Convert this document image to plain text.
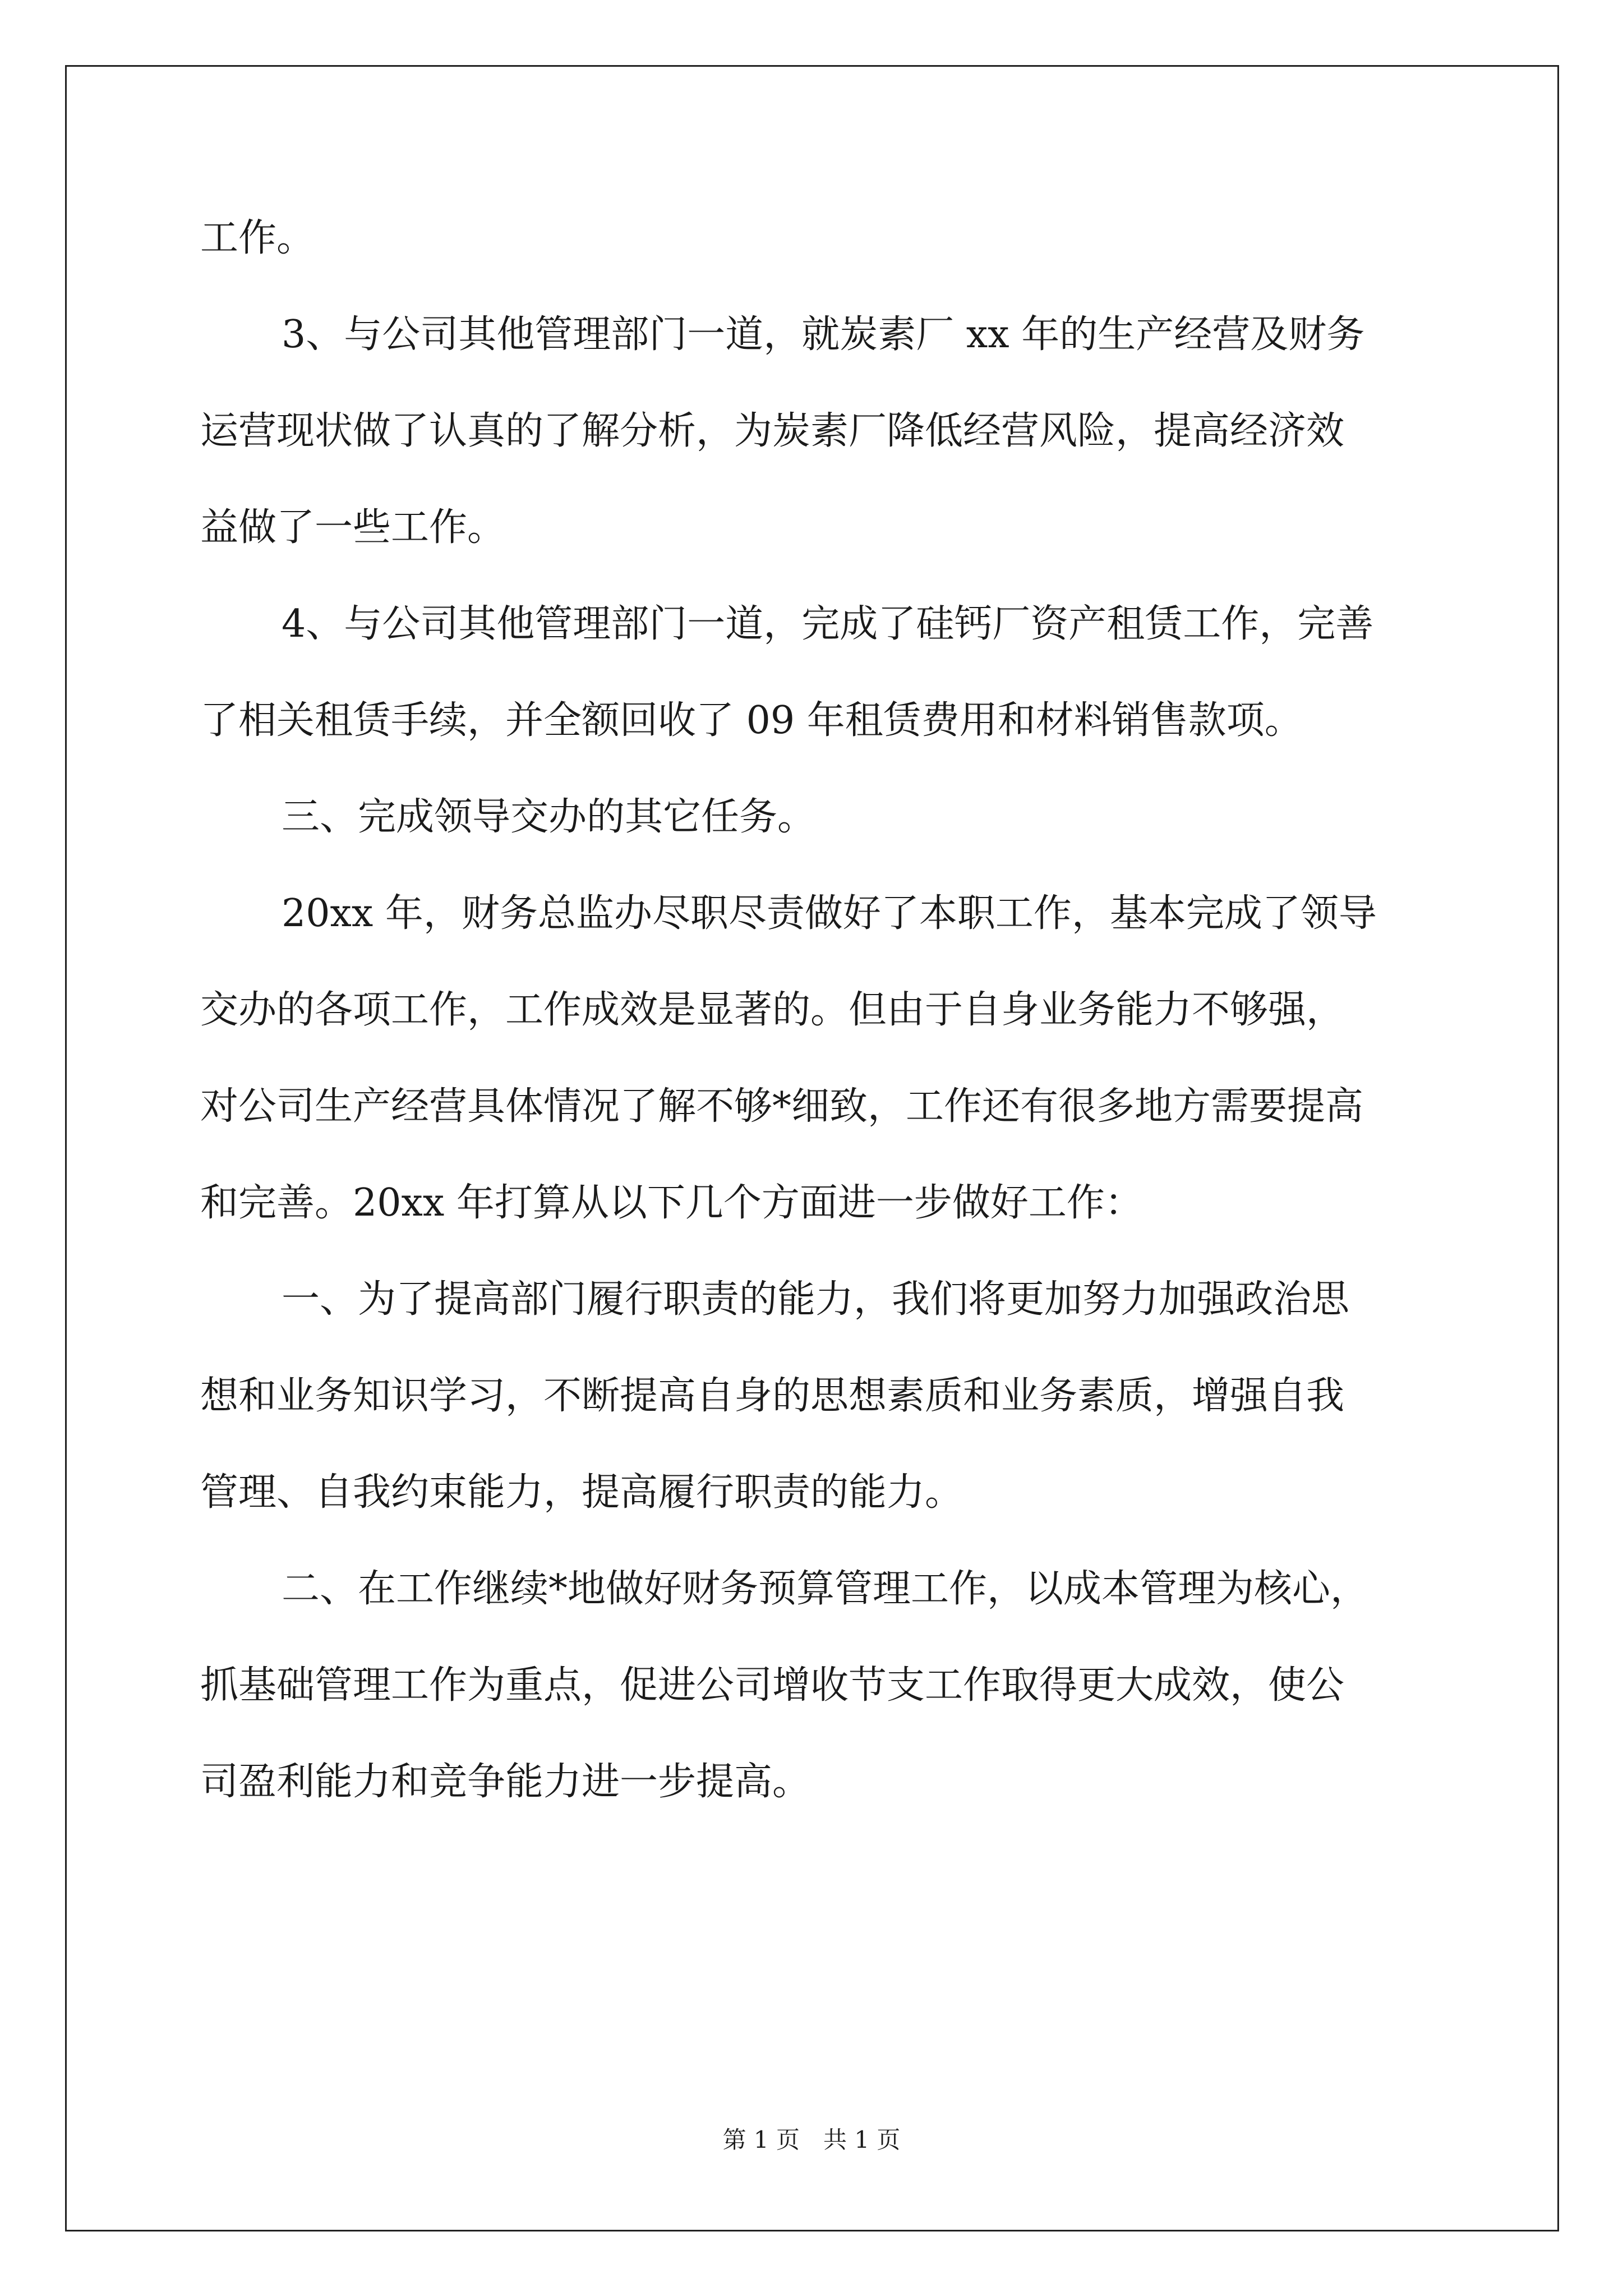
工作。
3、与公司其他管理部门一道，就炭素厂 xx 年的生产经营及财务
运营现状做了认真的了解分析，为炭素厂降低经营风险，提高经济效
益做了一些工作。
4、与公司其他管理部门一道，完成了硅钙厂资产租赁工作，完善
了相关租赁手续，并全额回收了 09 年租赁费用和材料销售款项。
三、完成领导交办的其它任务。
20xx 年，财务总监办尽职尽责做好了本职工作，基本完成了领导
交办的各项工作，工作成效是显著的。但由于自身业务能力不够强，
对公司生产经营具体情况了解不够*细致，工作还有很多地方需要提高
和完善。20xx 年打算从以下几个方面进一步做好工作：
一、为了提高部门履行职责的能力，我们将更加努力加强政治思
想和业务知识学习，不断提高自身的思想素质和业务素质，增强自我
管理、自我约束能力，提高履行职责的能力。
二、在工作继续*地做好财务预算管理工作，以成本管理为核心，
抓基础管理工作为重点，促进公司增收节支工作取得更大成效，使公
司盈利能力和竞争能力进一步提高。
第 1 页　共 1 页
